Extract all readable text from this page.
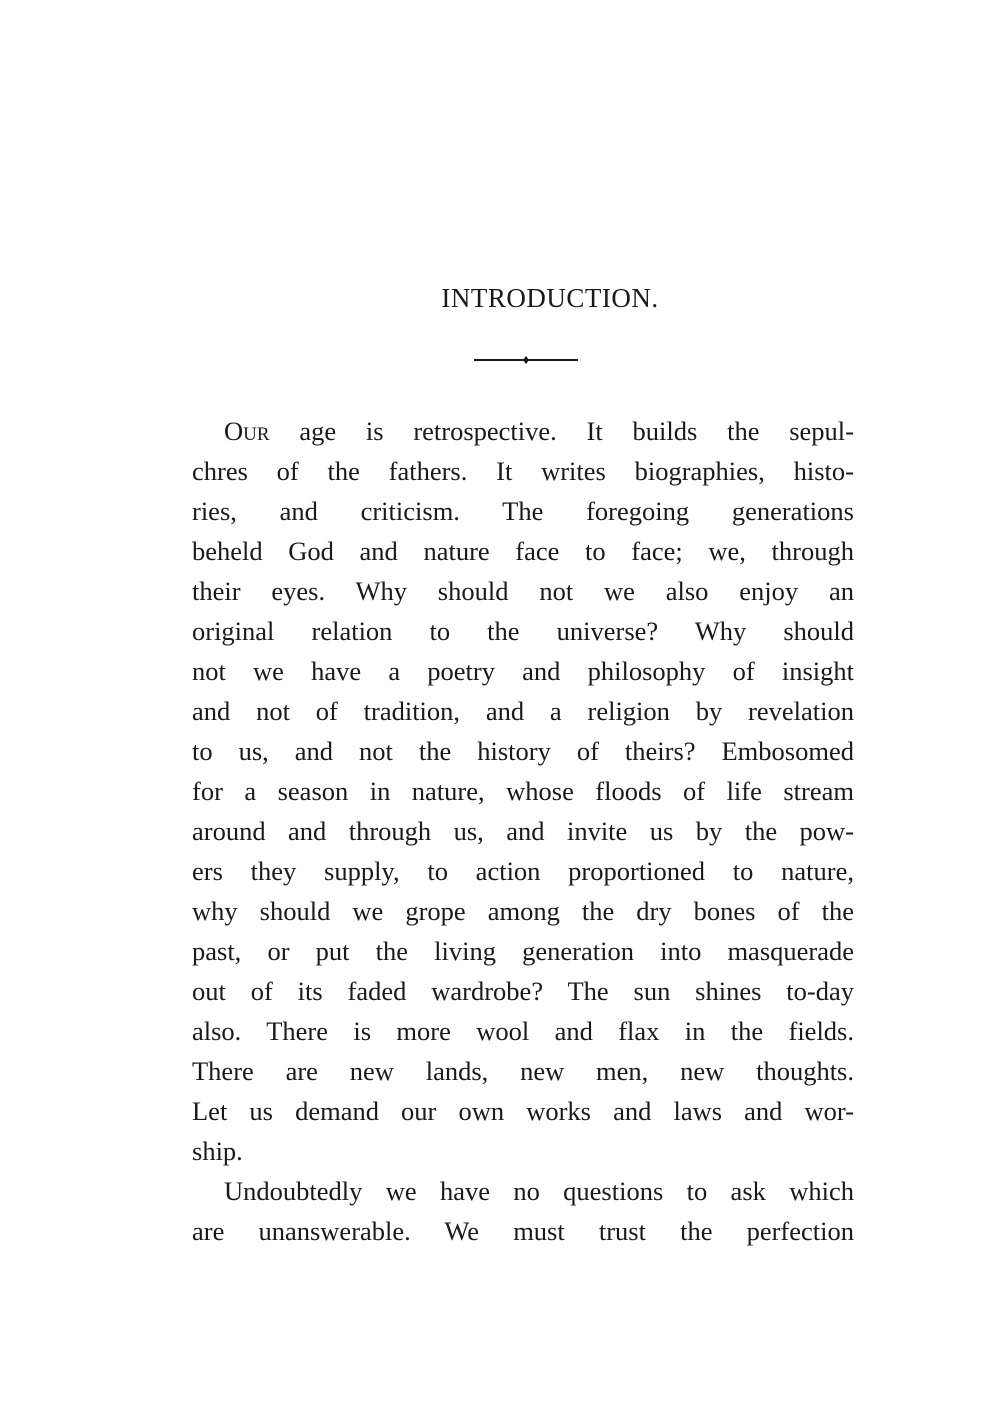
INTRODUCTION.
Our age is retrospective. It builds the sepul-
chres of the fathers. It writes biographies, histo-
ries, and criticism. The foregoing generations
beheld God and nature face to face; we, through
their eyes. Why should not we also enjoy an
original relation to the universe? Why should
not we have a poetry and philosophy of insight
and not of tradition, and a religion by revelation
to us, and not the history of theirs? Embosomed
for a season in nature, whose floods of life stream
around and through us, and invite us by the pow-
ers they supply, to action proportioned to nature,
why should we grope among the dry bones of the
past, or put the living generation into masquerade
out of its faded wardrobe? The sun shines to-day
also. There is more wool and flax in the fields.
There are new lands, new men, new thoughts.
Let us demand our own works and laws and wor-
ship.
Undoubtedly we have no questions to ask which
are unanswerable. We must trust the perfection
